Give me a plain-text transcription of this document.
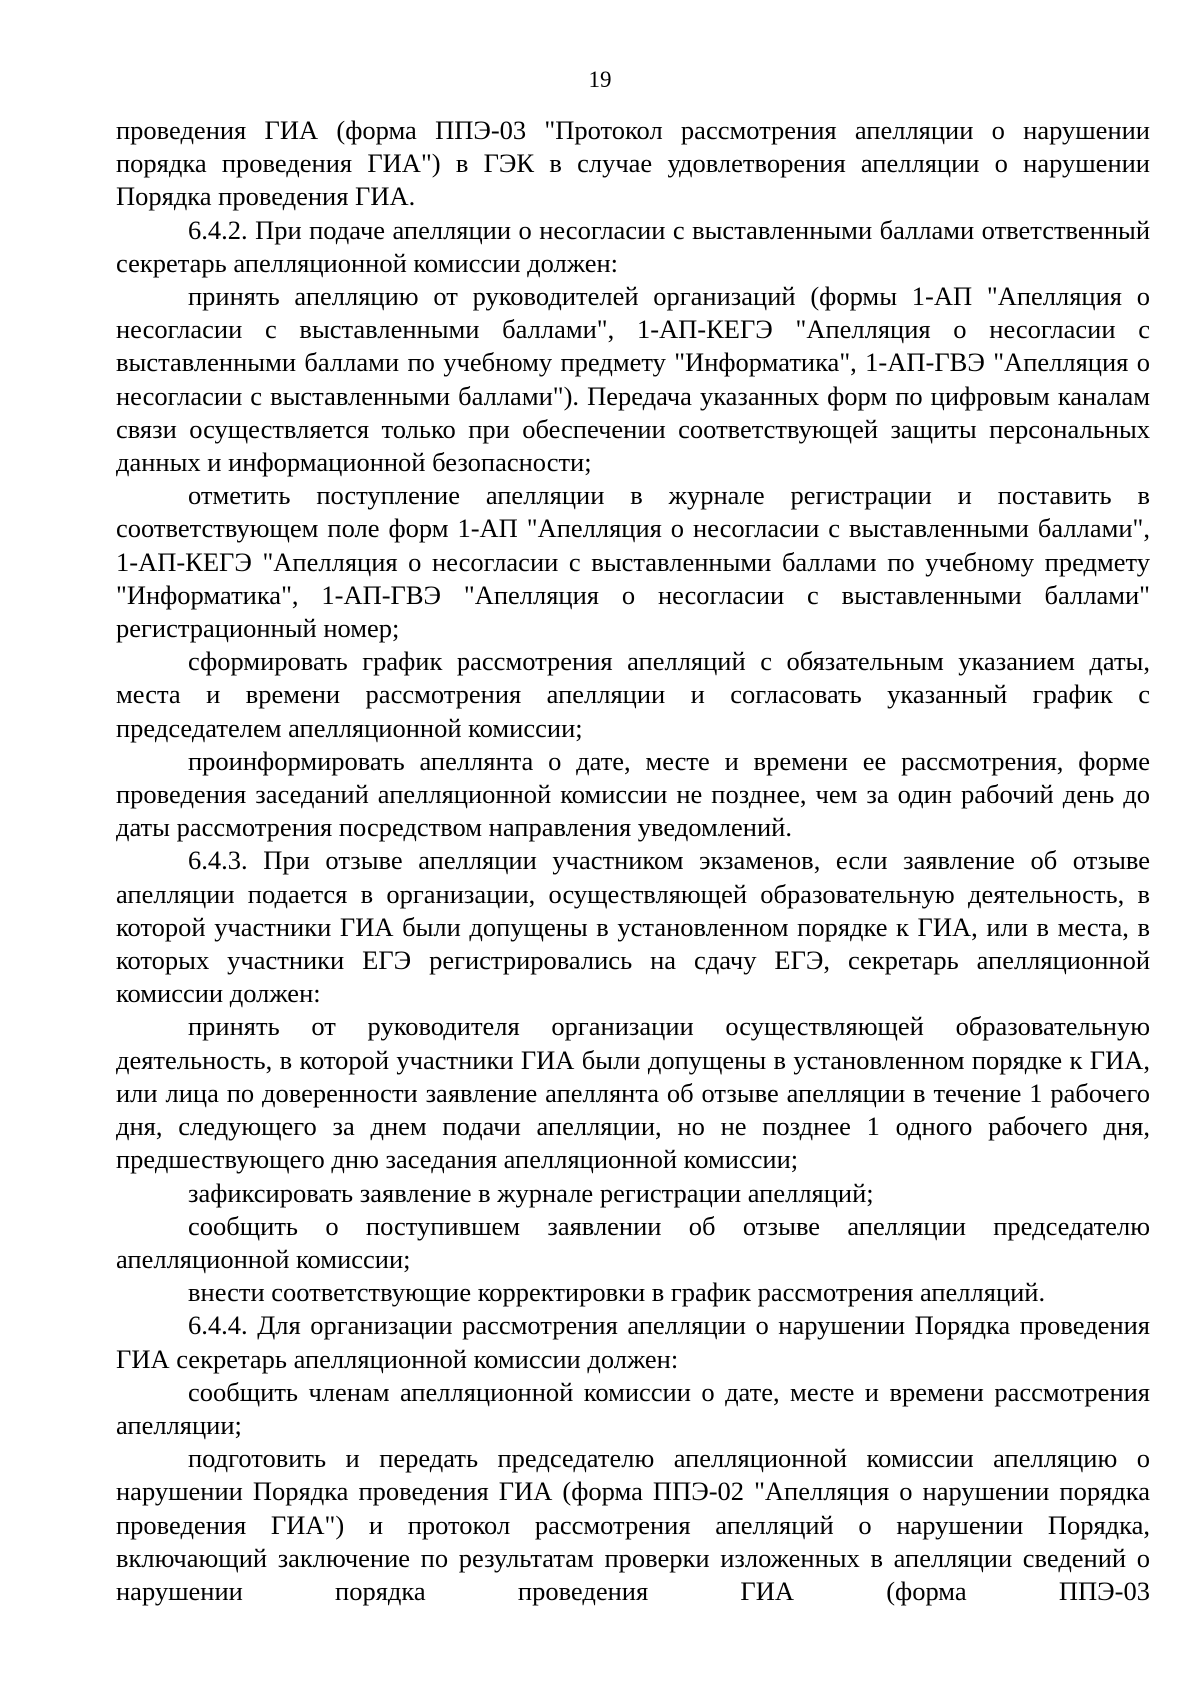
19

проведения ГИА (форма ППЭ-03 "Протокол рассмотрения апелляции о нарушении порядка проведения ГИА") в ГЭК в случае удовлетворения апелляции о нарушении Порядка проведения ГИА.

6.4.2. При подаче апелляции о несогласии с выставленными баллами ответственный секретарь апелляционной комиссии должен:

принять апелляцию от руководителей организаций (формы 1-АП "Апелляция о несогласии с выставленными баллами", 1-АП-КЕГЭ "Апелляция о несогласии с выставленными баллами по учебному предмету "Информатика", 1-АП-ГВЭ "Апелляция о несогласии с выставленными баллами"). Передача указанных форм по цифровым каналам связи осуществляется только при обеспечении соответствующей защиты персональных данных и информационной безопасности;

отметить поступление апелляции в журнале регистрации и поставить в соответствующем поле форм 1-АП "Апелляция о несогласии с выставленными баллами", 1-АП-КЕГЭ "Апелляция о несогласии с выставленными баллами по учебному предмету "Информатика", 1-АП-ГВЭ "Апелляция о несогласии с выставленными баллами" регистрационный номер;

сформировать график рассмотрения апелляций с обязательным указанием даты, места и времени рассмотрения апелляции и согласовать указанный график с председателем апелляционной комиссии;

проинформировать апеллянта о дате, месте и времени ее рассмотрения, форме проведения заседаний апелляционной комиссии не позднее, чем за один рабочий день до даты рассмотрения посредством направления уведомлений.

6.4.3. При отзыве апелляции участником экзаменов, если заявление об отзыве апелляции подается в организации, осуществляющей образовательную деятельность, в которой участники ГИА были допущены в установленном порядке к ГИА, или в места, в которых участники ЕГЭ регистрировались на сдачу ЕГЭ, секретарь апелляционной комиссии должен:

принять от руководителя организации осуществляющей образовательную деятельность, в которой участники ГИА были допущены в установленном порядке к ГИА, или лица по доверенности заявление апеллянта об отзыве апелляции в течение 1 рабочего дня, следующего за днем подачи апелляции, но не позднее 1 одного рабочего дня, предшествующего дню заседания апелляционной комиссии;

зафиксировать заявление в журнале регистрации апелляций;

сообщить о поступившем заявлении об отзыве апелляции председателю апелляционной комиссии;

внести соответствующие корректировки в график рассмотрения апелляций.

6.4.4. Для организации рассмотрения апелляции о нарушении Порядка проведения ГИА секретарь апелляционной комиссии должен:

сообщить членам апелляционной комиссии о дате, месте и времени рассмотрения апелляции;

подготовить и передать председателю апелляционной комиссии апелляцию о нарушении Порядка проведения ГИА (форма ППЭ-02 "Апелляция о нарушении порядка проведения ГИА") и протокол рассмотрения апелляций о нарушении Порядка, включающий заключение по результатам проверки изложенных в апелляции сведений о нарушении порядка проведения ГИА (форма ППЭ-03
